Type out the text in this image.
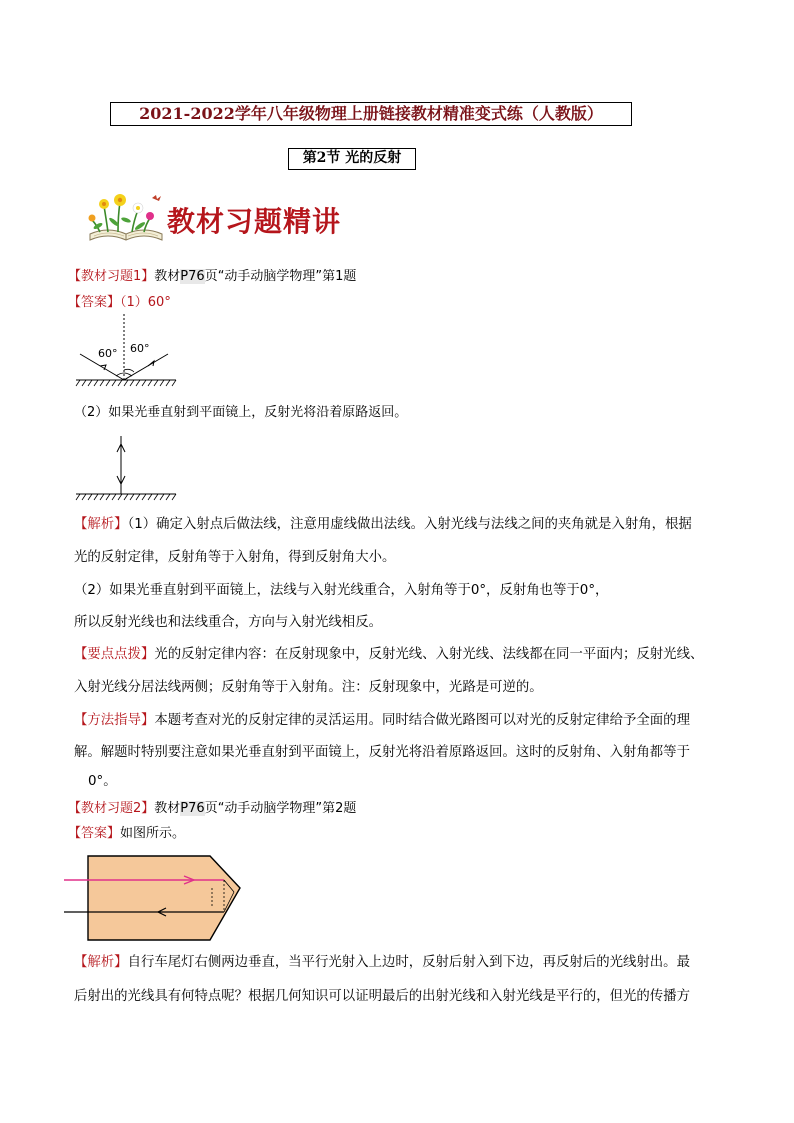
2021-2022学年八年级物理上册链接教材精准变式练（人教版）
第2节 光的反射
教材习题精讲
【教材习题1】教材P76页“动手动脑学物理”第1题
【答案】（1）60°
60° 60°
（2）如果光垂直射到平面镜上，反射光将沿着原路返回。
【解析】（1）确定入射点后做法线，注意用虚线做出法线。入射光线与法线之间的夹角就是入射角，根据
光的反射定律，反射角等于入射角，得到反射角大小。
（2）如果光垂直射到平面镜上，法线与入射光线重合，入射角等于0°，反射角也等于0°，
所以反射光线也和法线重合，方向与入射光线相反。
【要点点拨】光的反射定律内容：在反射现象中，反射光线、入射光线、法线都在同一平面内；反射光线、
入射光线分居法线两侧；反射角等于入射角。注：反射现象中，光路是可逆的。
【方法指导】本题考查对光的反射定律的灵活运用。同时结合做光路图可以对光的反射定律给予全面的理
解。解题时特别要注意如果光垂直射到平面镜上，反射光将沿着原路返回。这时的反射角、入射角都等于
0°。
【教材习题2】教材P76页“动手动脑学物理”第2题
【答案】如图所示。
【解析】自行车尾灯右侧两边垂直，当平行光射入上边时，反射后射入到下边，再反射后的光线射出。最
后射出的光线具有何特点呢？根据几何知识可以证明最后的出射光线和入射光线是平行的，但光的传播方
